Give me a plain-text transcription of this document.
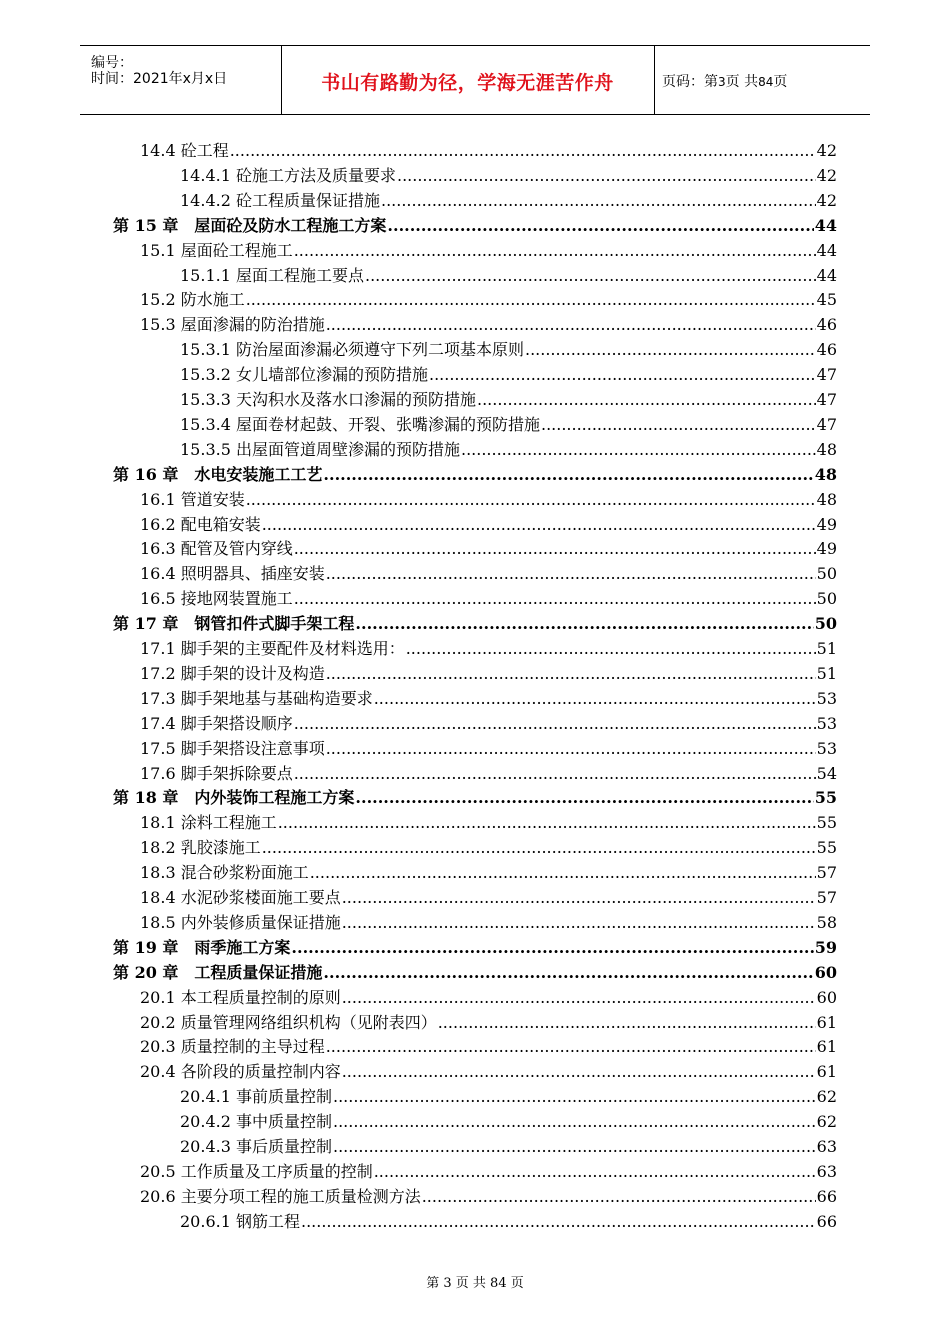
编号：
时间：2021年x月x日	书山有路勤为径，学海无涯苦作舟	页码：第3页 共84页
14.4 砼工程 .....	42
14.4.1 砼施工方法及质量要求 .....	42
14.4.2 砼工程质量保证措施 .....	42
第 15 章　屋面砼及防水工程施工方案 .....	44
15.1 屋面砼工程施工 .....	44
15.1.1 屋面工程施工要点 .....	44
15.2 防水施工 .....	45
15.3 屋面渗漏的防治措施 .....	46
15.3.1 防治屋面渗漏必须遵守下列二项基本原则 .....	46
15.3.2 女儿墙部位渗漏的预防措施 .....	47
15.3.3 天沟积水及落水口渗漏的预防措施 .....	47
15.3.4 屋面卷材起鼓、开裂、张嘴渗漏的预防措施 .....	47
15.3.5 出屋面管道周壁渗漏的预防措施 .....	48
第 16 章　水电安装施工工艺 .....	48
16.1 管道安装 .....	48
16.2 配电箱安装 .....	49
16.3 配管及管内穿线 .....	49
16.4 照明器具、插座安装 .....	50
16.5 接地网装置施工 .....	50
第 17 章　钢管扣件式脚手架工程 .....	50
17.1 脚手架的主要配件及材料选用： .....	51
17.2 脚手架的设计及构造 .....	51
17.3 脚手架地基与基础构造要求 .....	53
17.4 脚手架搭设顺序 .....	53
17.5 脚手架搭设注意事项 .....	53
17.6 脚手架拆除要点 .....	54
第 18 章　内外装饰工程施工方案 .....	55
18.1 涂料工程施工 .....	55
18.2 乳胶漆施工 .....	55
18.3 混合砂浆粉面施工 .....	57
18.4 水泥砂浆楼面施工要点 .....	57
18.5 内外装修质量保证措施 .....	58
第 19 章　雨季施工方案 .....	59
第 20 章　工程质量保证措施 .....	60
20.1 本工程质量控制的原则 .....	60
20.2 质量管理网络组织机构（见附表四） .....	61
20.3 质量控制的主导过程 .....	61
20.4 各阶段的质量控制内容 .....	61
20.4.1 事前质量控制 .....	62
20.4.2 事中质量控制 .....	62
20.4.3 事后质量控制 .....	63
20.5 工作质量及工序质量的控制 .....	63
20.6 主要分项工程的施工质量检测方法 .....	66
20.6.1 钢筋工程 .....	66
第 3 页 共 84 页
